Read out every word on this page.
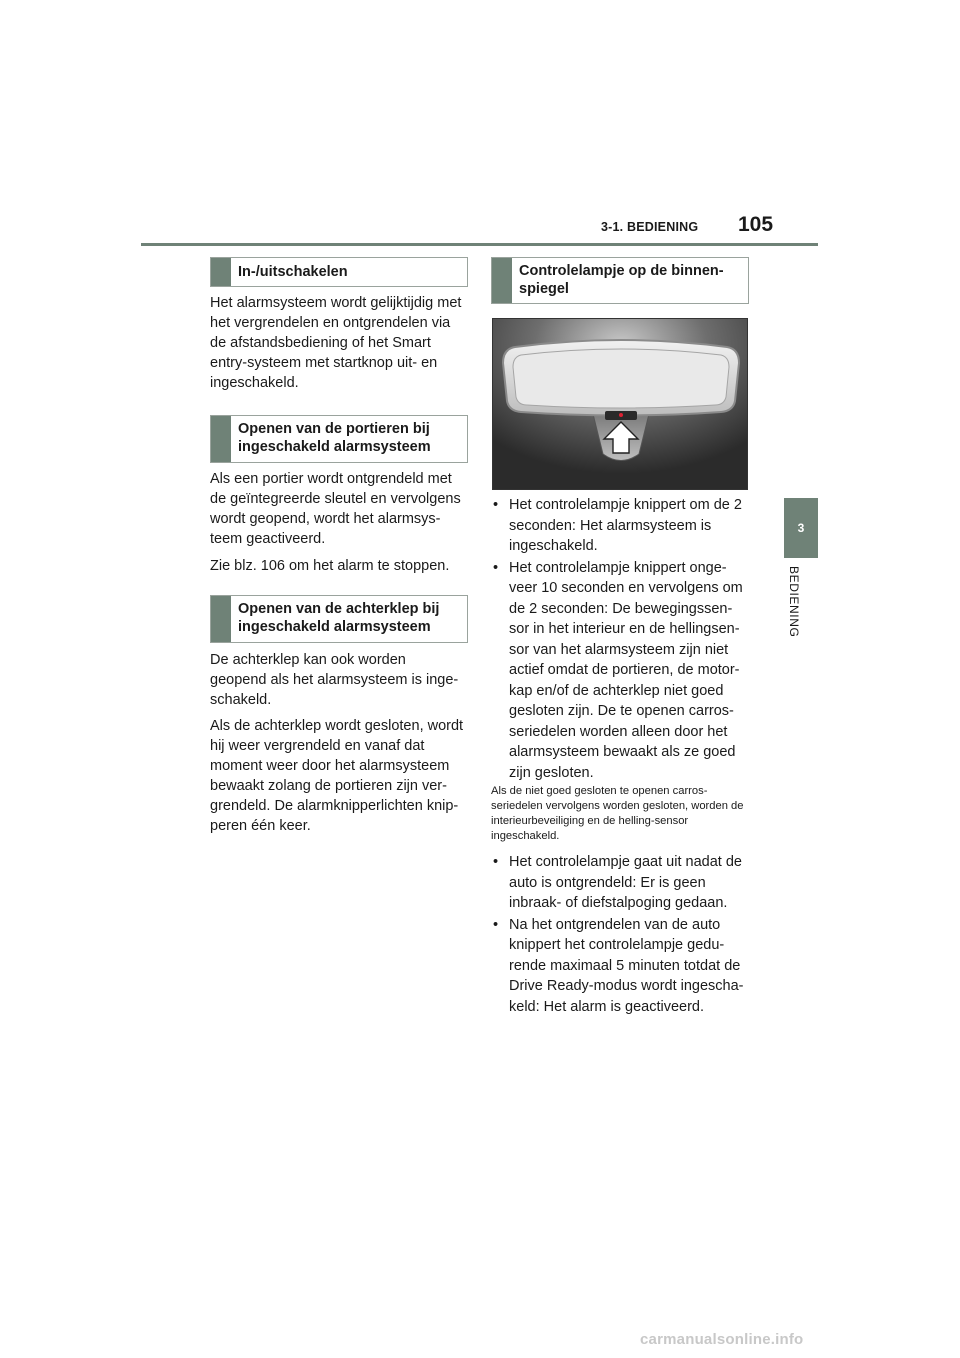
3-1. BEDIENING 105
3
BEDIENING
In-/uitschakelen

Het alarmsysteem wordt gelijktijdig met het vergrendelen en ontgrendelen via de afstandsbediening of het Smart entry-systeem met startknop uit- en ingeschakeld.

Openen van de portieren bij ingeschakeld alarmsysteem

Als een portier wordt ontgrendeld met de geïntegreerde sleutel en vervolgens wordt geopend, wordt het alarmsys-teem geactiveerd.

Zie blz. 106 om het alarm te stoppen.

Openen van de achterklep bij ingeschakeld alarmsysteem

De achterklep kan ook worden geopend als het alarmsysteem is inge-schakeld.

Als de achterklep wordt gesloten, wordt hij weer vergrendeld en vanaf dat moment weer door het alarmsysteem bewaakt zolang de portieren zijn ver-grendeld. De alarmknipperlichten knip-peren één keer.

Controlelampje op de binnen-spiegel
• Het controlelampje knippert om de 2 seconden: Het alarmsysteem is ingeschakeld.
• Het controlelampje knippert onge-veer 10 seconden en vervolgens om de 2 seconden: De bewegingssen-sor in het interieur en de hellingsen-sor van het alarmsysteem zijn niet actief omdat de portieren, de motor-kap en/of de achterklep niet goed gesloten zijn. De te openen carros-seriedelen worden alleen door het alarmsysteem bewaakt als ze goed zijn gesloten.
Als de niet goed gesloten te openen carros-seriedelen vervolgens worden gesloten, worden de interieurbeveiliging en de helling-sensor ingeschakeld.
• Het controlelampje gaat uit nadat de auto is ontgrendeld: Er is geen inbraak- of diefstalpoging gedaan.
• Na het ontgrendelen van de auto knippert het controlelampje gedu-rende maximaal 5 minuten totdat de Drive Ready-modus wordt ingescha-keld: Het alarm is geactiveerd.
carmanualsonline.info
